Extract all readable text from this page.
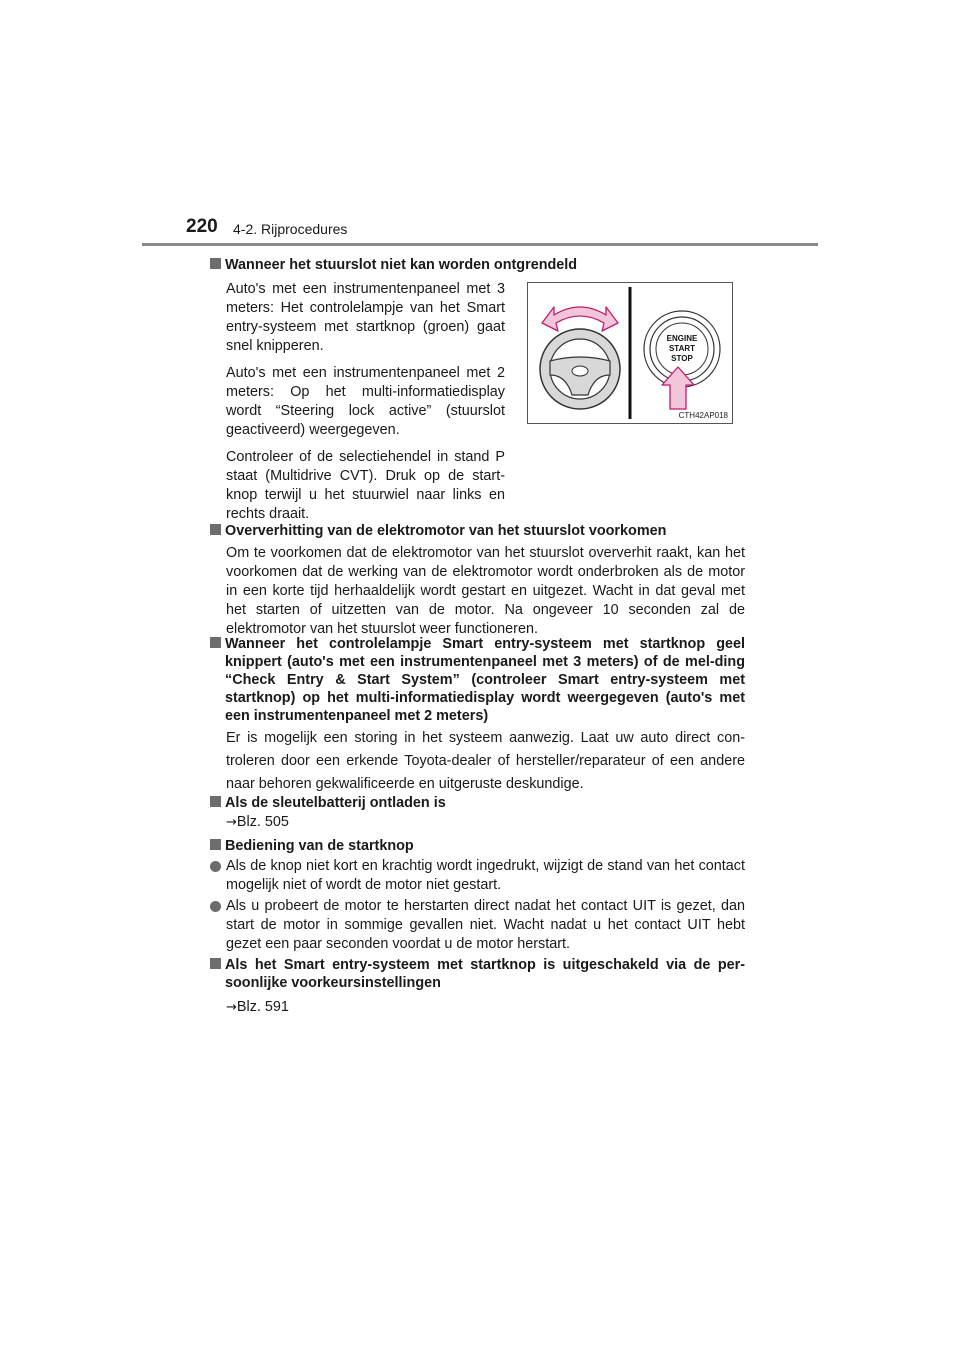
220 4-2. Rijprocedures
Wanneer het stuurslot niet kan worden ontgrendeld

Auto's met een instrumentenpaneel met 3 meters: Het controlelampje van het Smart entry-systeem met startknop (groen) gaat snel knipperen.

Auto's met een instrumentenpaneel met 2 meters: Op het multi-informatiedisplay wordt “Steering lock active” (stuurslot geactiveerd) weergegeven.

Controleer of de selectiehendel in stand P staat (Multidrive CVT). Druk op de start-knop terwijl u het stuurwiel naar links en rechts draait.

ENGINE
START
STOP
CTH42AP018
Oververhitting van de elektromotor van het stuurslot voorkomen
Om te voorkomen dat de elektromotor van het stuurslot oververhit raakt, kan het voorkomen dat de werking van de elektromotor wordt onderbroken als de motor in een korte tijd herhaaldelijk wordt gestart en uitgezet. Wacht in dat geval met het starten of uitzetten van de motor. Na ongeveer 10 seconden zal de elektromotor van het stuurslot weer functioneren.
Wanneer het controlelampje Smart entry-systeem met startknop geel knippert (auto's met een instrumentenpaneel met 3 meters) of de mel-ding “Check Entry & Start System” (controleer Smart entry-systeem met startknop) op het multi-informatiedisplay wordt weergegeven (auto's met een instrumentenpaneel met 2 meters)
Er is mogelijk een storing in het systeem aanwezig. Laat uw auto direct con-troleren door een erkende Toyota-dealer of hersteller/reparateur of een andere naar behoren gekwalificeerde en uitgeruste deskundige.
Als de sleutelbatterij ontladen is
→Blz. 505
Bediening van de startknop
Als de knop niet kort en krachtig wordt ingedrukt, wijzigt de stand van het contact mogelijk niet of wordt de motor niet gestart.
Als u probeert de motor te herstarten direct nadat het contact UIT is gezet, dan start de motor in sommige gevallen niet. Wacht nadat u het contact UIT hebt gezet een paar seconden voordat u de motor herstart.
Als het Smart entry-systeem met startknop is uitgeschakeld via de per-soonlijke voorkeursinstellingen
→Blz. 591
